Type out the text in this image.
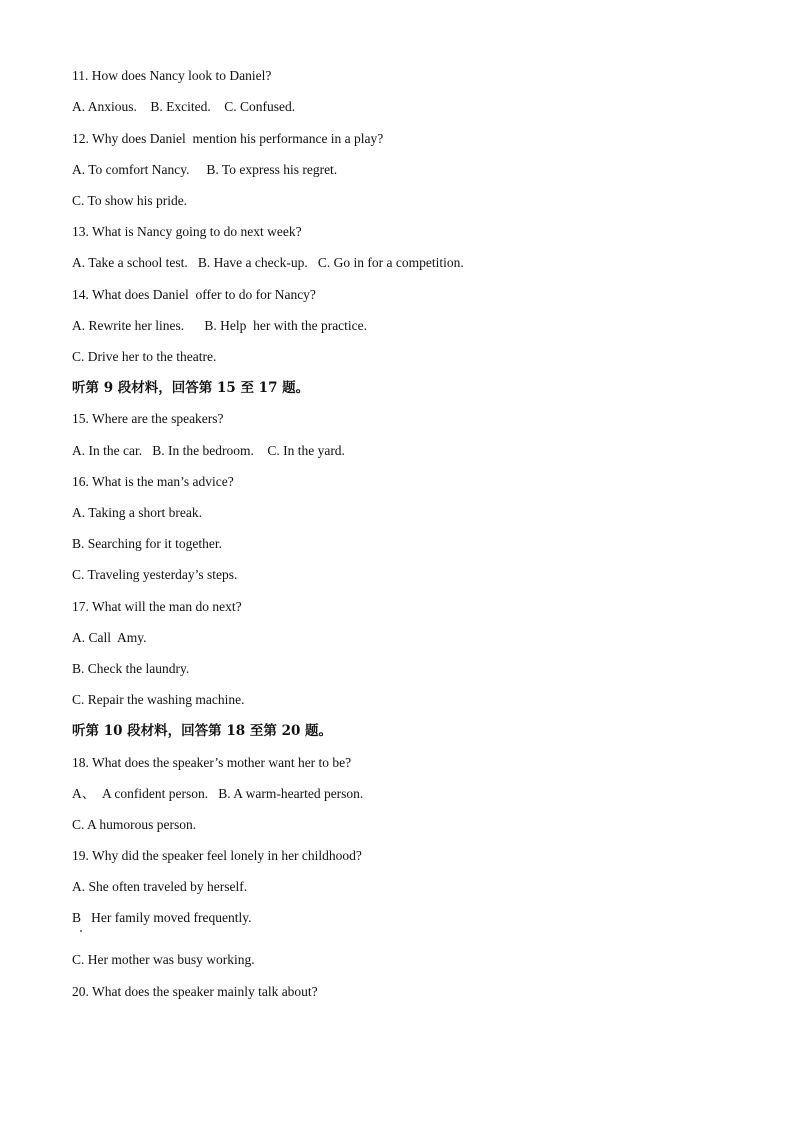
11. How does Nancy look to Daniel?
A. Anxious.    B. Excited.    C. Confused.
12. Why does Daniel  mention his performance in a play?
A. To comfort Nancy.     B. To express his regret.
C. To show his pride.
13. What is Nancy going to do next week?
A. Take a school test.   B. Have a check-up.   C. Go in for a competition.
14. What does Daniel  offer to do for Nancy?
A. Rewrite her lines.      B. Help  her with the practice.
C. Drive her to the theatre.
听第 9 段材料，回答第 15 至 17 题。
15. Where are the speakers?
A. In the car.   B. In the bedroom.    C. In the yard.
16. What is the man’s advice?
A. Taking a short break.
B. Searching for it together.
C. Traveling yesterday’s steps.
17. What will the man do next?
A. Call  Amy.
B. Check the laundry.
C. Repair the washing machine.
听第 10 段材料，回答第 18 至第 20 题。
18. What does the speaker’s mother want her to be?
A、  A confident person.   B. A warm-hearted person.
C. A humorous person.
19. Why did the speaker feel lonely in her childhood?
A. She often traveled by herself.
B   Her family moved frequently.
C. Her mother was busy working.
20. What does the speaker mainly talk about?
